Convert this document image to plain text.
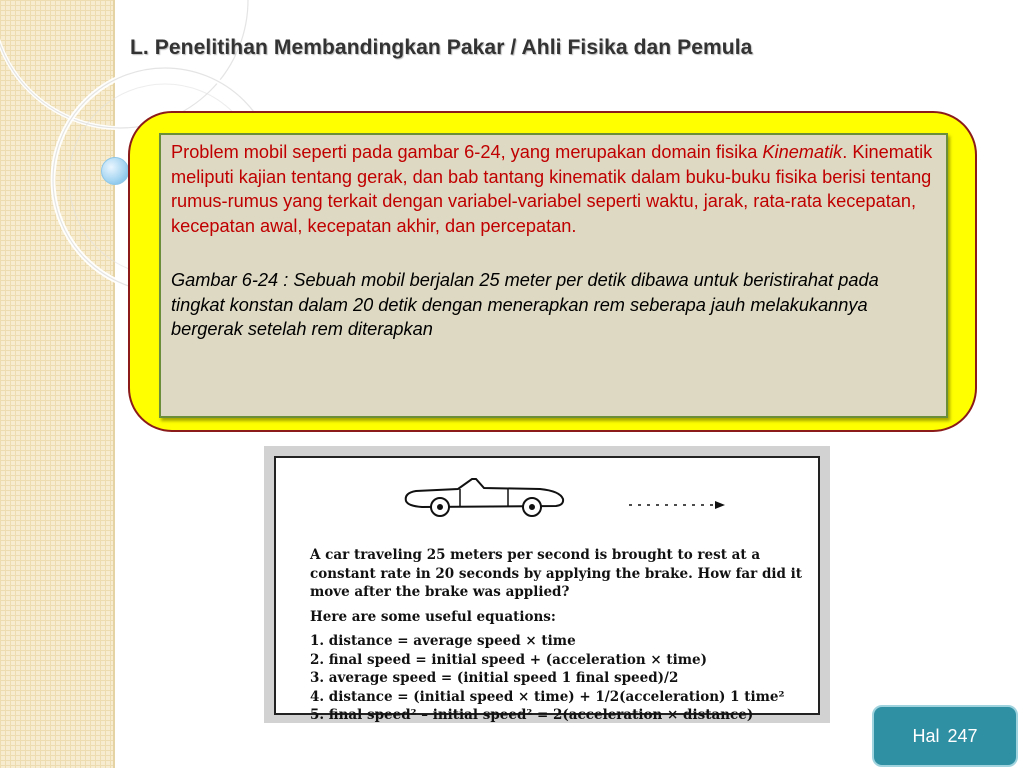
L. Penelitihan Membandingkan Pakar / Ahli Fisika dan Pemula

Problem mobil seperti pada gambar 6-24, yang merupakan domain fisika Kinematik. Kinematik meliputi kajian tentang gerak, dan bab tantang kinematik dalam buku-buku fisika berisi tentang rumus-rumus yang terkait dengan variabel-variabel seperti waktu, jarak, rata-rata kecepatan, kecepatan awal, kecepatan akhir, dan percepatan.

Gambar 6-24 : Sebuah mobil berjalan 25 meter per detik dibawa untuk beristirahat pada tingkat konstan dalam 20 detik dengan menerapkan rem seberapa jauh melakukannya bergerak setelah rem diterapkan

A car traveling 25 meters per second is brought to rest at a constant rate in 20 seconds by applying the brake. How far did it move after the brake was applied?

Here are some useful equations:

1. distance = average speed × time

2. final speed = initial speed + (acceleration × time)

3. average speed = (initial speed 1 final speed)/2

4. distance = (initial speed × time) + 1/2(acceleration) 1 time²

5. final speed² – initial speed² = 2(acceleration × distance)

Hal 247
